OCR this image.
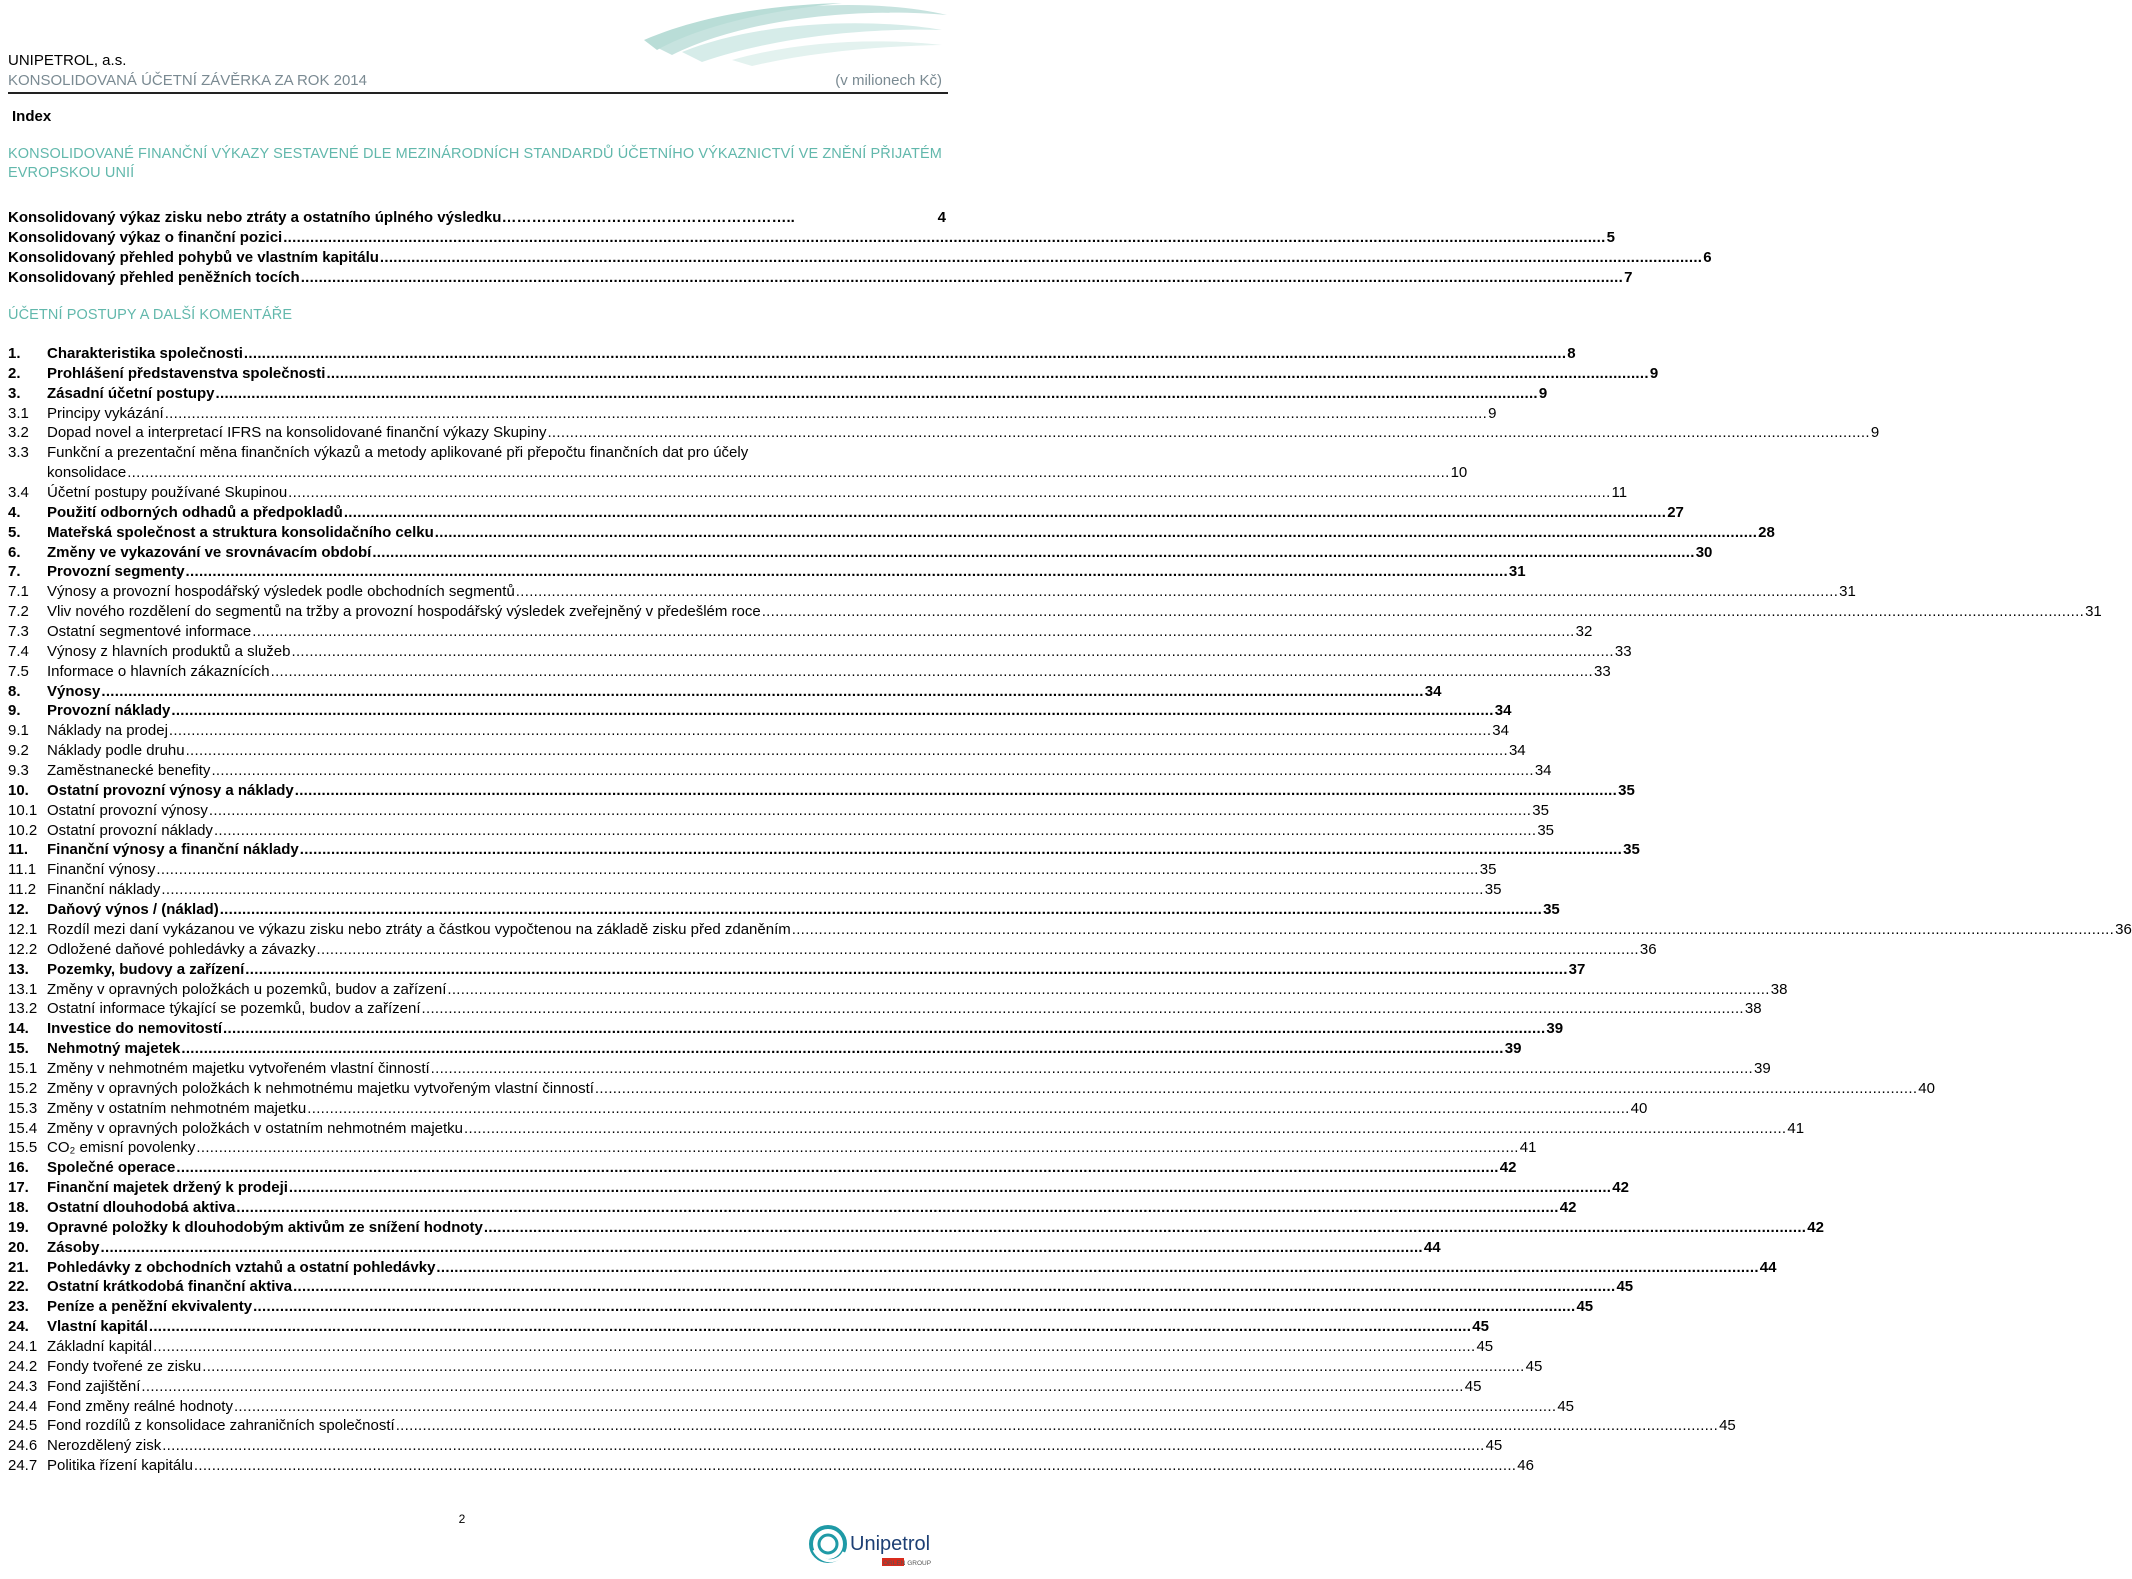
UNIPETROL, a.s.
KONSOLIDOVANÁ ÚČETNÍ ZÁVĚRKA ZA ROK 2014	(v milionech Kč)
Index
KONSOLIDOVANÉ FINANČNÍ VÝKAZY SESTAVENÉ DLE MEZINÁRODNÍCH STANDARDŮ ÚČETNÍHO VÝKAZNICTVÍ VE ZNĚNÍ PŘIJATÉM EVROPSKOU UNIÍ
Konsolidovaný výkaz zisku nebo ztráty a ostatního úplného výsledku…………………………………………………..	4
Konsolidovaný výkaz o finanční pozici .....	5
Konsolidovaný přehled pohybů ve vlastním kapitálu .....	6
Konsolidovaný přehled peněžních tocích .....	7
ÚČETNÍ POSTUPY A DALŠÍ KOMENTÁŘE
1.	Charakteristika společnosti .....	8
2.	Prohlášení představenstva společnosti .....	9
3.	Zásadní účetní postupy .....	9
3.1	Principy vykázání .....	9
3.2	Dopad novel a interpretací IFRS na konsolidované finanční výkazy Skupiny .....	9
3.3	Funkční a prezentační měna finančních výkazů a metody aplikované při přepočtu finančních dat pro účely
konsolidace .....	10
3.4	Účetní postupy používané Skupinou .....	11
4.	Použití odborných odhadů a předpokladů .....	27
5.	Mateřská společnost a struktura konsolidačního celku .....	28
6.	Změny ve vykazování ve srovnávacím období .....	30
7.	Provozní segmenty .....	31
7.1	Výnosy a provozní hospodářský výsledek podle obchodních segmentů .....	31
7.2	Vliv nového rozdělení do segmentů na tržby a provozní hospodářský výsledek zveřejněný v předešlém roce .....	31
7.3	Ostatní segmentové informace .....	32
7.4	Výnosy z hlavních produktů a služeb .....	33
7.5	Informace o hlavních zákaznících .....	33
8.	Výnosy .....	34
9.	Provozní náklady .....	34
9.1	Náklady na prodej .....	34
9.2	Náklady podle druhu .....	34
9.3	Zaměstnanecké benefity .....	34
10.	Ostatní provozní výnosy a náklady .....	35
10.1 Ostatní provozní výnosy .....	35
10.2 Ostatní provozní náklady .....	35
11.	Finanční výnosy a finanční náklady .....	35
11.1 Finanční výnosy .....	35
11.2 Finanční náklady .....	35
12.	Daňový výnos / (náklad) .....	35
12.1 Rozdíl mezi daní vykázanou ve výkazu zisku nebo ztráty a částkou vypočtenou na základě zisku před zdaněním .....	36
12.2 Odložené daňové pohledávky a závazky .....	36
13.	Pozemky, budovy a zařízení .....	37
13.1 Změny v opravných položkách u pozemků, budov a zařízení .....	38
13.2 Ostatní informace týkající se pozemků, budov a zařízení .....	38
14.	Investice do nemovitostí .....	39
15.	Nehmotný majetek .....	39
15.1 Změny v nehmotném majetku vytvořeném vlastní činností .....	39
15.2 Změny v opravných položkách k nehmotnému majetku vytvořeným vlastní činností .....	40
15.3 Změny v ostatním nehmotném majetku .....	40
15.4 Změny v opravných položkách v ostatním nehmotném majetku .....	41
15.5 CO₂ emisní povolenky .....	41
16.	Společné operace .....	42
17.	Finanční majetek držený k prodeji .....	42
18.	Ostatní dlouhodobá aktiva .....	42
19.	Opravné položky k dlouhodobým aktivům ze snížení hodnoty .....	42
20.	Zásoby .....	44
21.	Pohledávky z obchodních vztahů a ostatní pohledávky .....	44
22.	Ostatní krátkodobá finanční aktiva .....	45
23.	Peníze a peněžní ekvivalenty .....	45
24.	Vlastní kapitál .....	45
24.1 Základní kapitál .....	45
24.2 Fondy tvořené ze zisku .....	45
24.3 Fond zajištění .....	45
24.4 Fond změny reálné hodnoty .....	45
24.5 Fond rozdílů z konsolidace zahraničních společností .....	45
24.6 Nerozdělený zisk .....	45
24.7 Politika řízení kapitálu .....	46
2
Unipetrol
ORLEN GROUP
